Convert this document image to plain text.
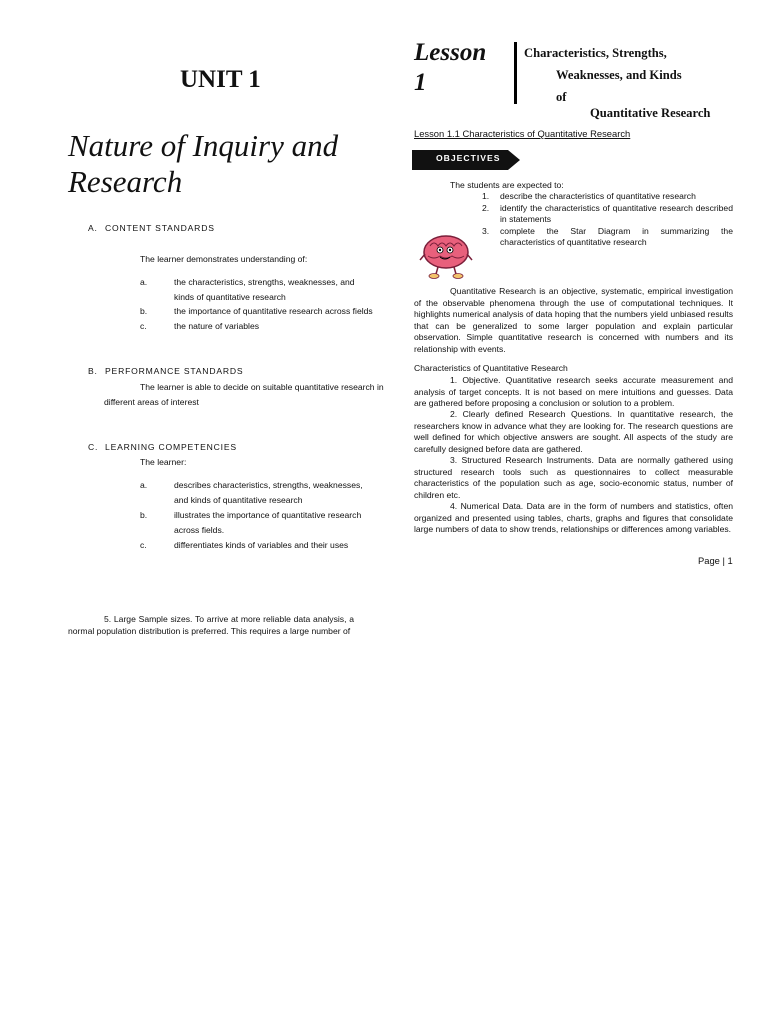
UNIT 1
Nature of Inquiry and Research
A. CONTENT STANDARDS
The learner demonstrates understanding of:
a.	the characteristics, strengths, weaknesses, and kinds of quantitative research
b.	the importance of quantitative research across fields
c.	the nature of variables
B. PERFORMANCE STANDARDS
The learner is able to decide on suitable quantitative research in different areas of interest
C. LEARNING COMPETENCIES
The learner:
a.	describes characteristics, strengths, weaknesses, and kinds of quantitative research
b.	illustrates the importance of quantitative research across fields.
c.	differentiates kinds of variables and their uses
5. Large Sample sizes. To arrive at more reliable data analysis, a normal population distribution is preferred. This requires a large number of
Lesson 1
Characteristics, Strengths,
Weaknesses, and Kinds
of
Quantitative Research
Lesson 1.1 Characteristics of Quantitative Research
OBJECTIVES
The students are expected to:
1. describe the characteristics of quantitative research
2. identify the characteristics of quantitative research described in statements
3. complete the Star Diagram in summarizing the characteristics of quantitative research
Quantitative Research is an objective, systematic, empirical investigation of the observable phenomena through the use of computational techniques. It highlights numerical analysis of data hoping that the numbers yield unbiased results that can be generalized to some larger population and explain particular observation. Simple quantitative research is concerned with numbers and its relationship with events.
Characteristics of Quantitative Research
1. Objective. Quantitative research seeks accurate measurement and analysis of target concepts. It is not based on mere intuitions and guesses. Data are gathered before proposing a conclusion or solution to a problem.
2. Clearly defined Research Questions. In quantitative research, the researchers know in advance what they are looking for. The research questions are well defined for which objective answers are sought. All aspects of the study are carefully designed before data are gathered.
3. Structured Research Instruments. Data are normally gathered using structured research tools such as questionnaires to collect measurable characteristics of the population such as age, socio-economic status, number of children etc.
4. Numerical Data. Data are in the form of numbers and statistics, often organized and presented using tables, charts, graphs and figures that consolidate large numbers of data to show trends, relationships or differences among variables.
Page | 1
